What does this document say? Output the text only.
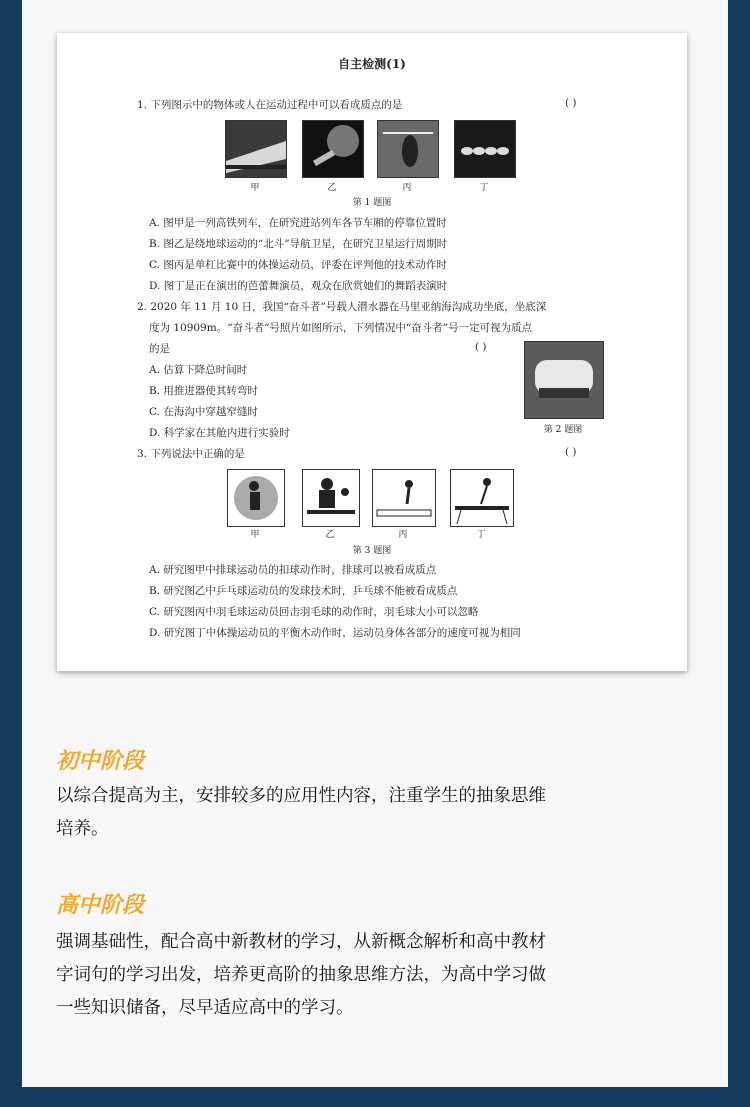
自主检测(1)
1. 下列图示中的物体或人在运动过程中可以看成质点的是	( )
甲	乙	丙	丁
第 1 题图
A. 图甲是一列高铁列车，在研究进站列车各节车厢的停靠位置时
B. 图乙是绕地球运动的“北斗”导航卫星，在研究卫星运行周期时
C. 图丙是单杠比赛中的体操运动员，评委在评判他的技术动作时
D. 图丁是正在演出的芭蕾舞演员，观众在欣赏她们的舞蹈表演时
2. 2020 年 11 月 10 日，我国“奋斗者”号载人潜水器在马里亚纳海沟成功坐底，坐底深
度为 10909m。“奋斗者”号照片如图所示，下列情况中“奋斗者”号一定可视为质点
的是	( )
第 2 题图
A. 估算下降总时间时
B. 用推进器使其转弯时
C. 在海沟中穿越窄缝时
D. 科学家在其舱内进行实验时
3. 下列说法中正确的是	( )
甲	乙	丙	丁
第 3 题图
A. 研究图甲中排球运动员的扣球动作时，排球可以被看成质点
B. 研究图乙中乒乓球运动员的发球技术时，乒乓球不能被看成质点
C. 研究图丙中羽毛球运动员回击羽毛球的动作时，羽毛球大小可以忽略
D. 研究图丁中体操运动员的平衡木动作时，运动员身体各部分的速度可视为相同
初中阶段
以综合提高为主，安排较多的应用性内容，注重学生的抽象思维
培养。
高中阶段
强调基础性，配合高中新教材的学习，从新概念解析和高中教材
字词句的学习出发，培养更高阶的抽象思维方法，为高中学习做
一些知识储备，尽早适应高中的学习。
